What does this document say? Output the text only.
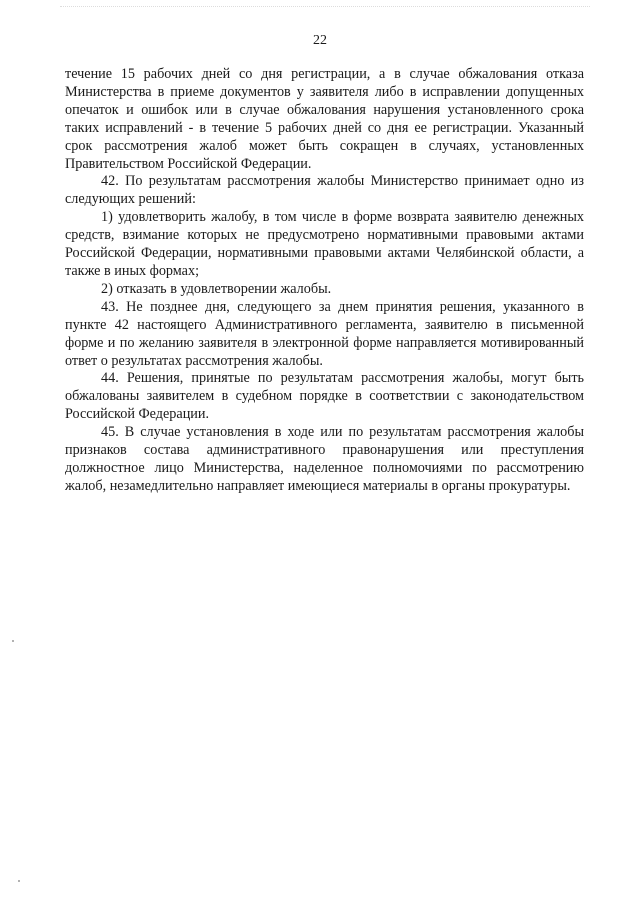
22

течение 15 рабочих дней со дня регистрации, а в случае обжалования отказа Министерства в приеме документов у заявителя либо в исправлении допущенных опечаток и ошибок или в случае обжалования нарушения установленного срока таких исправлений - в течение 5 рабочих дней со дня ее регистрации. Указанный срок рассмотрения жалоб может быть сокращен в случаях, установленных Правительством Российской Федерации.

42. По результатам рассмотрения жалобы Министерство принимает одно из следующих решений:

1) удовлетворить жалобу, в том числе в форме возврата заявителю денежных средств, взимание которых не предусмотрено нормативными правовыми актами Российской Федерации, нормативными правовыми актами Челябинской области, а также в иных формах;

2) отказать в удовлетворении жалобы.

43. Не позднее дня, следующего за днем принятия решения, указанного в пункте 42 настоящего Административного регламента, заявителю в письменной форме и по желанию заявителя в электронной форме направляется мотивированный ответ о результатах рассмотрения жалобы.

44. Решения, принятые по результатам рассмотрения жалобы, могут быть обжалованы заявителем в судебном порядке в соответствии с законодательством Российской Федерации.

45. В случае установления в ходе или по результатам рассмотрения жалобы признаков состава административного правонарушения или преступления должностное лицо Министерства, наделенное полномочиями по рассмотрению жалоб, незамедлительно направляет имеющиеся материалы в органы прокуратуры.
